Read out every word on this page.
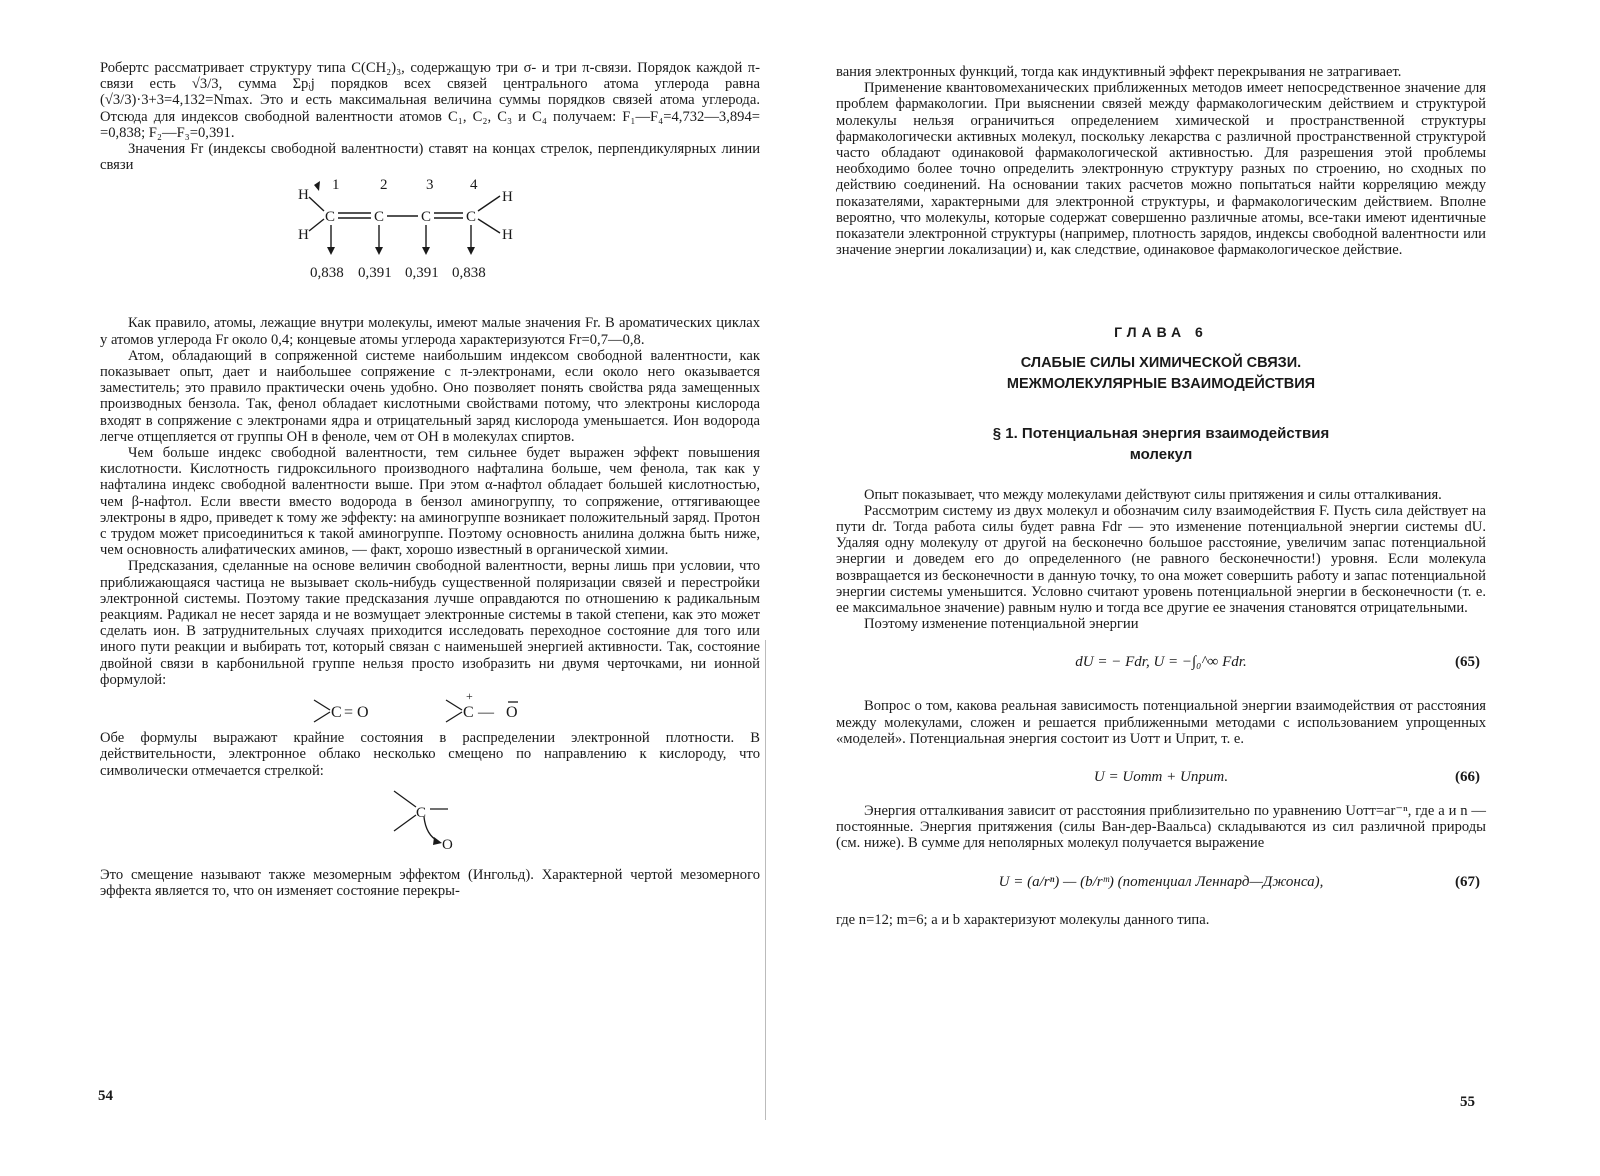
Робертс рассматривает структуру типа C(CH₂)₃, содержащую три σ- и три π-связи. Порядок каждой π-связи есть √3/3, сумма Σpᵢj порядков всех связей центрального атома углерода равна (√3/3)·3+3=4,132=Nmax. Это и есть максимальная величина суммы порядков связей атома углерода. Отсюда для индексов свободной валентности атомов C₁, C₂, C₃ и C₄ получаем: F₁—F₄=4,732—3,894= =0,838; F₂—F₃=0,391.

Значения Fr (индексы свободной валентности) ставят на концах стрелок, перпендикулярных линии связи

1	2	3 4
H
H
H
H
C	C C C
0,838 0,391 0,391 0,838

Как правило, атомы, лежащие внутри молекулы, имеют малые значения Fr. В ароматических циклах у атомов углерода Fr около 0,4; концевые атомы углерода характеризуются Fr=0,7—0,8.

Атом, обладающий в сопряженной системе наибольшим индексом свободной валентности, как показывает опыт, дает и наибольшее сопряжение с π-электронами, если около него оказывается заместитель; это правило практически очень удобно. Оно позволяет понять свойства ряда замещенных производных бензола. Так, фенол обладает кислотными свойствами потому, что электроны кислорода входят в сопряжение с электронами ядра и отрицательный заряд кислорода уменьшается. Ион водорода легче отщепляется от группы OH в феноле, чем от OH в молекулах спиртов.

Чем больше индекс свободной валентности, тем сильнее будет выражен эффект повышения кислотности. Кислотность гидроксильного производного нафталина больше, чем фенола, так как у нафталина индекс свободной валентности выше. При этом α-нафтол обладает большей кислотностью, чем β-нафтол. Если ввести вместо водорода в бензол аминогруппу, то сопряжение, оттягивающее электроны в ядро, приведет к тому же эффекту: на аминогруппе возникает положительный заряд. Протон с трудом может присоединиться к такой аминогруппе. Поэтому основность анилина должна быть ниже, чем основность алифатических аминов, — факт, хорошо известный в органической химии.

Предсказания, сделанные на основе величин свободной валентности, верны лишь при условии, что приближающаяся частица не вызывает сколь-нибудь существенной поляризации связей и перестройки электронной системы. Поэтому такие предсказания лучше оправдаются по отношению к радикальным реакциям. Радикал не несет заряда и не возмущает электронные системы в такой степени, как это может сделать ион. В затруднительных случаях приходится исследовать переходное состояние для того или иного пути реакции и выбирать тот, который связан с наименьшей энергией активности. Так, состояние двойной связи в карбонильной группе нельзя просто изобразить ни двумя черточками, ни ионной формулой:

C = O
+
C — O

Обе формулы выражают крайние состояния в распределении электронной плотности. В действительности, электронное облако несколько смещено по направлению к кислороду, что символически отмечается стрелкой:

C
O

Это смещение называют также мезомерным эффектом (Ингольд). Характерной чертой мезомерного эффекта является то, что он изменяет состояние перекры-

54

вания электронных функций, тогда как индуктивный эффект перекрывания не затрагивает.

Применение квантовомеханических приближенных методов имеет непосредственное значение для проблем фармакологии. При выяснении связей между фармакологическим действием и структурой молекулы нельзя ограничиться определением химической и пространственной структуры фармакологически активных молекул, поскольку лекарства с различной пространственной структурой часто обладают одинаковой фармакологической активностью. Для разрешения этой проблемы необходимо более точно определить электронную структуру разных по строению, но сходных по действию соединений. На основании таких расчетов можно попытаться найти корреляцию между показателями, характерными для электронной структуры, и фармакологическим действием. Вполне вероятно, что молекулы, которые содержат совершенно различные атомы, все-таки имеют идентичные показатели электронной структуры (например, плотность зарядов, индексы свободной валентности или значение энергии локализации) и, как следствие, одинаковое фармакологическое действие.

ГЛАВА 6
СЛАБЫЕ СИЛЫ ХИМИЧЕСКОЙ СВЯЗИ.
МЕЖМОЛЕКУЛЯРНЫЕ ВЗАИМОДЕЙСТВИЯ
§ 1. Потенциальная энергия взаимодействия
молекул

Опыт показывает, что между молекулами действуют силы притяжения и силы отталкивания.

Рассмотрим систему из двух молекул и обозначим силу взаимодействия F. Пусть сила действует на пути dr. Тогда работа силы будет равна Fdr — это изменение потенциальной энергии системы dU. Удаляя одну молекулу от другой на бесконечно большое расстояние, увеличим запас потенциальной энергии и доведем его до определенного (не равного бесконечности!) уровня. Если молекула возвращается из бесконечности в данную точку, то она может совершить работу и запас потенциальной энергии системы уменьшится. Условно считают уровень потенциальной энергии в бесконечности (т. е. ее максимальное значение) равным нулю и тогда все другие ее значения становятся отрицательными.

Поэтому изменение потенциальной энергии

dU = − Fdr, U = −∫₀^∞ Fdr.	(65)

Вопрос о том, какова реальная зависимость потенциальной энергии взаимодействия от расстояния между молекулами, сложен и решается приближенными методами с использованием упрощенных «моделей». Потенциальная энергия состоит из Uотт и Uприт, т. е.

U = Uотт + Uприт.	(66)

Энергия отталкивания зависит от расстояния приблизительно по уравнению Uотт=ar⁻ⁿ, где a и n — постоянные. Энергия притяжения (силы Ван-дер-Ваальса) складываются из сил различной природы (см. ниже). В сумме для неполярных молекул получается выражение

U = (a/rⁿ) — (b/rᵐ) (потенциал Леннард—Джонса),	(67)

где n=12; m=6; a и b характеризуют молекулы данного типа.

55
